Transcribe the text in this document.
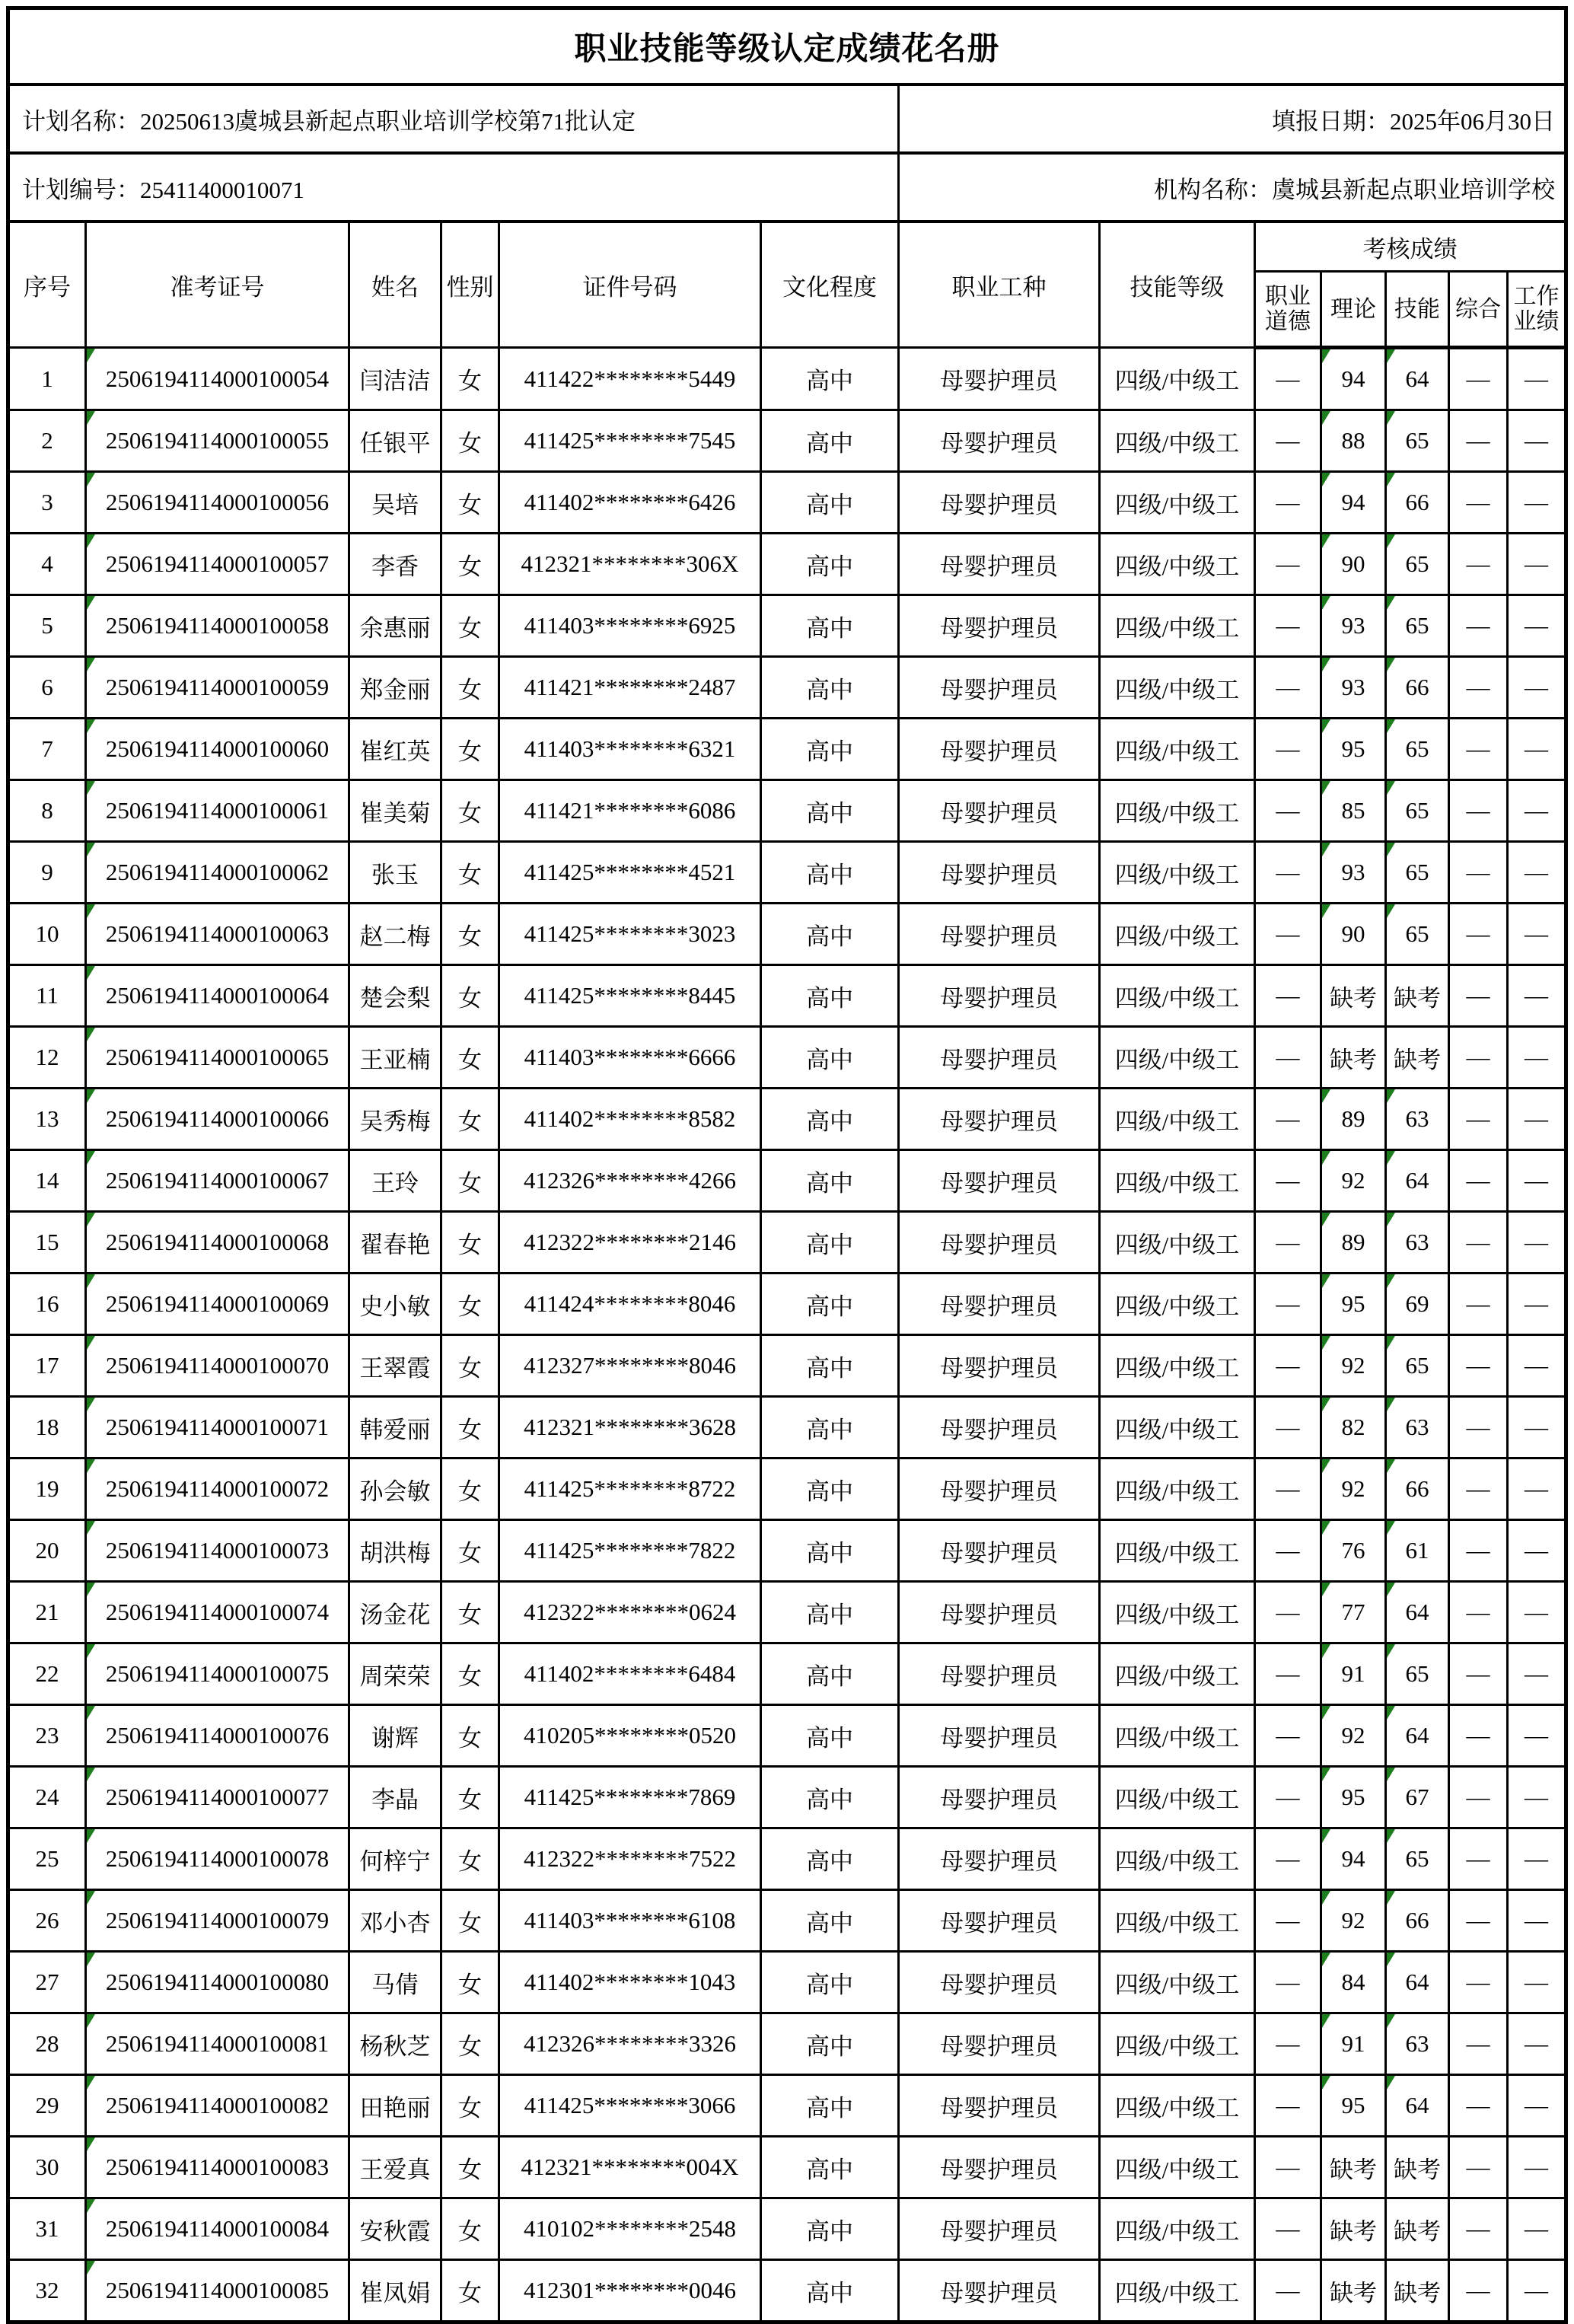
职业技能等级认定成绩花名册												
计划名称：20250613虞城县新起点职业培训学校第71批认定						填报日期：2025年06月30日						
计划编号：25411400010071						机构名称：虞城县新起点职业培训学校						
序号	准考证号	姓名	性别	证件号码	文化程度	职业工种	技能等级	考核成绩				
								职业道德	理论	技能	综合	工作业绩
1	2506194114000100054	闫洁洁	女	411422********5449	高中	母婴护理员	四级/中级工	—	94	64	—	—
2	2506194114000100055	任银平	女	411425********7545	高中	母婴护理员	四级/中级工	—	88	65	—	—
3	2506194114000100056	吴培	女	411402********6426	高中	母婴护理员	四级/中级工	—	94	66	—	—
4	2506194114000100057	李香	女	412321********306X	高中	母婴护理员	四级/中级工	—	90	65	—	—
5	2506194114000100058	余惠丽	女	411403********6925	高中	母婴护理员	四级/中级工	—	93	65	—	—
6	2506194114000100059	郑金丽	女	411421********2487	高中	母婴护理员	四级/中级工	—	93	66	—	—
7	2506194114000100060	崔红英	女	411403********6321	高中	母婴护理员	四级/中级工	—	95	65	—	—
8	2506194114000100061	崔美菊	女	411421********6086	高中	母婴护理员	四级/中级工	—	85	65	—	—
9	2506194114000100062	张玉	女	411425********4521	高中	母婴护理员	四级/中级工	—	93	65	—	—
10	2506194114000100063	赵二梅	女	411425********3023	高中	母婴护理员	四级/中级工	—	90	65	—	—
11	2506194114000100064	楚会梨	女	411425********8445	高中	母婴护理员	四级/中级工	—	缺考	缺考	—	—
12	2506194114000100065	王亚楠	女	411403********6666	高中	母婴护理员	四级/中级工	—	缺考	缺考	—	—
13	2506194114000100066	吴秀梅	女	411402********8582	高中	母婴护理员	四级/中级工	—	89	63	—	—
14	2506194114000100067	王玲	女	412326********4266	高中	母婴护理员	四级/中级工	—	92	64	—	—
15	2506194114000100068	翟春艳	女	412322********2146	高中	母婴护理员	四级/中级工	—	89	63	—	—
16	2506194114000100069	史小敏	女	411424********8046	高中	母婴护理员	四级/中级工	—	95	69	—	—
17	2506194114000100070	王翠霞	女	412327********8046	高中	母婴护理员	四级/中级工	—	92	65	—	—
18	2506194114000100071	韩爱丽	女	412321********3628	高中	母婴护理员	四级/中级工	—	82	63	—	—
19	2506194114000100072	孙会敏	女	411425********8722	高中	母婴护理员	四级/中级工	—	92	66	—	—
20	2506194114000100073	胡洪梅	女	411425********7822	高中	母婴护理员	四级/中级工	—	76	61	—	—
21	2506194114000100074	汤金花	女	412322********0624	高中	母婴护理员	四级/中级工	—	77	64	—	—
22	2506194114000100075	周荣荣	女	411402********6484	高中	母婴护理员	四级/中级工	—	91	65	—	—
23	2506194114000100076	谢辉	女	410205********0520	高中	母婴护理员	四级/中级工	—	92	64	—	—
24	2506194114000100077	李晶	女	411425********7869	高中	母婴护理员	四级/中级工	—	95	67	—	—
25	2506194114000100078	何梓宁	女	412322********7522	高中	母婴护理员	四级/中级工	—	94	65	—	—
26	2506194114000100079	邓小杏	女	411403********6108	高中	母婴护理员	四级/中级工	—	92	66	—	—
27	2506194114000100080	马倩	女	411402********1043	高中	母婴护理员	四级/中级工	—	84	64	—	—
28	2506194114000100081	杨秋芝	女	412326********3326	高中	母婴护理员	四级/中级工	—	91	63	—	—
29	2506194114000100082	田艳丽	女	411425********3066	高中	母婴护理员	四级/中级工	—	95	64	—	—
30	2506194114000100083	王爱真	女	412321********004X	高中	母婴护理员	四级/中级工	—	缺考	缺考	—	—
31	2506194114000100084	安秋霞	女	410102********2548	高中	母婴护理员	四级/中级工	—	缺考	缺考	—	—
32	2506194114000100085	崔凤娟	女	412301********0046	高中	母婴护理员	四级/中级工	—	缺考	缺考	—	—
